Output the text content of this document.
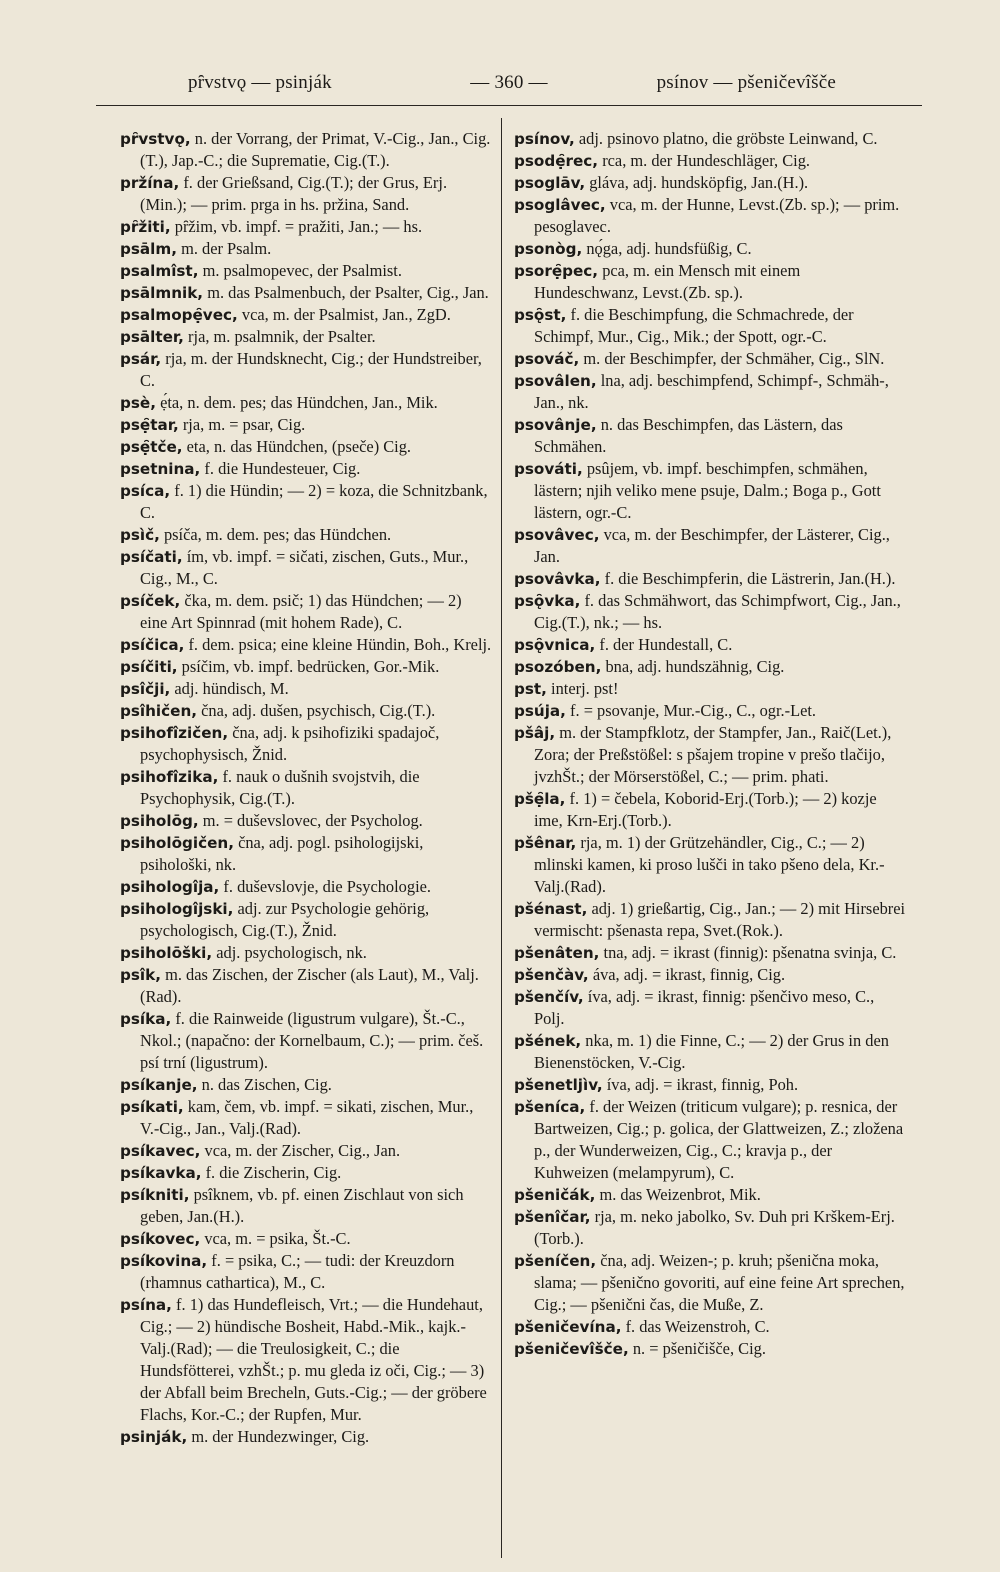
pȓvstvǫ — psinják	— 360 —	psínov — pšeničevîšče

pȓvstvǫ, n. der Vorrang, der Primat, V.-Cig., Jan., Cig.(T.), Jap.-C.; die Suprematie, Cig.(T.).

pržína, f. der Grießsand, Cig.(T.); der Grus, Erj.(Min.); — prim. prga in hs. pržina, Sand.

pȓžiti, pȓžim, vb. impf. = pražiti, Jan.; — hs.

psālm, m. der Psalm.

psalmîst, m. psalmopevec, der Psalmist.

psālmnik, m. das Psalmenbuch, der Psalter, Cig., Jan.

psalmopẹ̑vec, vca, m. der Psalmist, Jan., ZgD.

psālter, rja, m. psalmnik, der Psalter.

psár, rja, m. der Hundsknecht, Cig.; der Hundstreiber, C.

psè, ẹ́ta, n. dem. pes; das Hündchen, Jan., Mik.

psẹ̑tar, rja, m. = psar, Cig.

psẹ̑tče, eta, n. das Hündchen, (pseče) Cig.

psetnina, f. die Hundesteuer, Cig.

psíca, f. 1) die Hündin; — 2) = koza, die Schnitzbank, C.

psìč, psíča, m. dem. pes; das Hündchen.

psíčati, ím, vb. impf. = sičati, zischen, Guts., Mur., Cig., M., C.

psíček, čka, m. dem. psič; 1) das Hündchen; — 2) eine Art Spinnrad (mit hohem Rade), C.

psíčica, f. dem. psica; eine kleine Hündin, Boh., Krelj.

psíčiti, psíčim, vb. impf. bedrücken, Gor.-Mik.

psîčji, adj. hündisch, M.

psîhičen, čna, adj. dušen, psychisch, Cig.(T.).

psihofîzičen, čna, adj. k psihofiziki spadajoč, psychophysisch, Žnid.

psihofîzika, f. nauk o dušnih svojstvih, die Psychophysik, Cig.(T.).

psiholōg, m. = duševslovec, der Psycholog.

psiholōgičen, čna, adj. pogl. psihologijski, psihološki, nk.

psihologîja, f. duševslovje, die Psychologie.

psihologîjski, adj. zur Psychologie gehörig, psychologisch, Cig.(T.), Žnid.

psiholōški, adj. psychologisch, nk.

psîk, m. das Zischen, der Zischer (als Laut), M., Valj.(Rad).

psíka, f. die Rainweide (ligustrum vulgare), Št.-C., Nkol.; (napačno: der Kornelbaum, C.); — prim. češ. psí trní (ligustrum).

psíkanje, n. das Zischen, Cig.

psíkati, kam, čem, vb. impf. = sikati, zischen, Mur., V.-Cig., Jan., Valj.(Rad).

psíkavec, vca, m. der Zischer, Cig., Jan.

psíkavka, f. die Zischerin, Cig.

psíkniti, psîknem, vb. pf. einen Zischlaut von sich geben, Jan.(H.).

psíkovec, vca, m. = psika, Št.-C.

psíkovina, f. = psika, C.; — tudi: der Kreuzdorn (rhamnus cathartica), M., C.

psína, f. 1) das Hundefleisch, Vrt.; — die Hundehaut, Cig.; — 2) hündische Bosheit, Habd.-Mik., kajk.-Valj.(Rad); — die Treulosigkeit, C.; die Hundsfötterei, vzhŠt.; p. mu gleda iz oči, Cig.; — 3) der Abfall beim Brecheln, Guts.-Cig.; — der gröbere Flachs, Kor.-C.; der Rupfen, Mur.

psinják, m. der Hundezwinger, Cig.

psínov, adj. psinovo platno, die gröbste Leinwand, C.

psodẹ̑rec, rca, m. der Hundeschläger, Cig.

psoglāv, gláva, adj. hundsköpfig, Jan.(H.).

psoglâvec, vca, m. der Hunne, Levst.(Zb. sp.); — prim. pesoglavec.

psonòg, nǫ́ga, adj. hundsfüßig, C.

psorẹ̑pec, pca, m. ein Mensch mit einem Hundeschwanz, Levst.(Zb. sp.).

psǫ̑st, f. die Beschimpfung, die Schmachrede, der Schimpf, Mur., Cig., Mik.; der Spott, ogr.-C.

psováč, m. der Beschimpfer, der Schmäher, Cig., SlN.

psovâlen, lna, adj. beschimpfend, Schimpf-, Schmäh-, Jan., nk.

psovânje, n. das Beschimpfen, das Lästern, das Schmähen.

psováti, psûjem, vb. impf. beschimpfen, schmähen, lästern; njih veliko mene psuje, Dalm.; Boga p., Gott lästern, ogr.-C.

psovâvec, vca, m. der Beschimpfer, der Lästerer, Cig., Jan.

psovâvka, f. die Beschimpferin, die Lästrerin, Jan.(H.).

psǫ̑vka, f. das Schmähwort, das Schimpfwort, Cig., Jan., Cig.(T.), nk.; — hs.

psǫ̑vnica, f. der Hundestall, C.

psozóben, bna, adj. hundszähnig, Cig.

pst, interj. pst!

psúja, f. = psovanje, Mur.-Cig., C., ogr.-Let.

pšâj, m. der Stampfklotz, der Stampfer, Jan., Raič(Let.), Zora; der Preßstößel: s pšajem tropine v prešo tlačijo, jvzhŠt.; der Mörserstößel, C.; — prim. phati.

pšẹ̑la, f. 1) = čebela, Koborid-Erj.(Torb.); — 2) kozje ime, Krn-Erj.(Torb.).

pšênar, rja, m. 1) der Grützehändler, Cig., C.; — 2) mlinski kamen, ki proso lušči in tako pšeno dela, Kr.-Valj.(Rad).

pšénast, adj. 1) grießartig, Cig., Jan.; — 2) mit Hirsebrei vermischt: pšenasta repa, Svet.(Rok.).

pšenâten, tna, adj. = ikrast (finnig): pšenatna svinja, C.

pšenčàv, áva, adj. = ikrast, finnig, Cig.

pšenčív, íva, adj. = ikrast, finnig: pšenčivo meso, C., Polj.

pšének, nka, m. 1) die Finne, C.; — 2) der Grus in den Bienenstöcken, V.-Cig.

pšenetljìv, íva, adj. = ikrast, finnig, Poh.

pšeníca, f. der Weizen (triticum vulgare); p. resnica, der Bartweizen, Cig.; p. golica, der Glattweizen, Z.; zložena p., der Wunderweizen, Cig., C.; kravja p., der Kuhweizen (melampyrum), C.

pšeničák, m. das Weizenbrot, Mik.

pšenîčar, rja, m. neko jabolko, Sv. Duh pri Krškem-Erj.(Torb.).

pšeníčen, čna, adj. Weizen-; p. kruh; pšenična moka, slama; — pšenično govoriti, auf eine feine Art sprechen, Cig.; — pšenični čas, die Muße, Z.

pšeničevína, f. das Weizenstroh, C.

pšeničevîšče, n. = pšeničišče, Cig.
